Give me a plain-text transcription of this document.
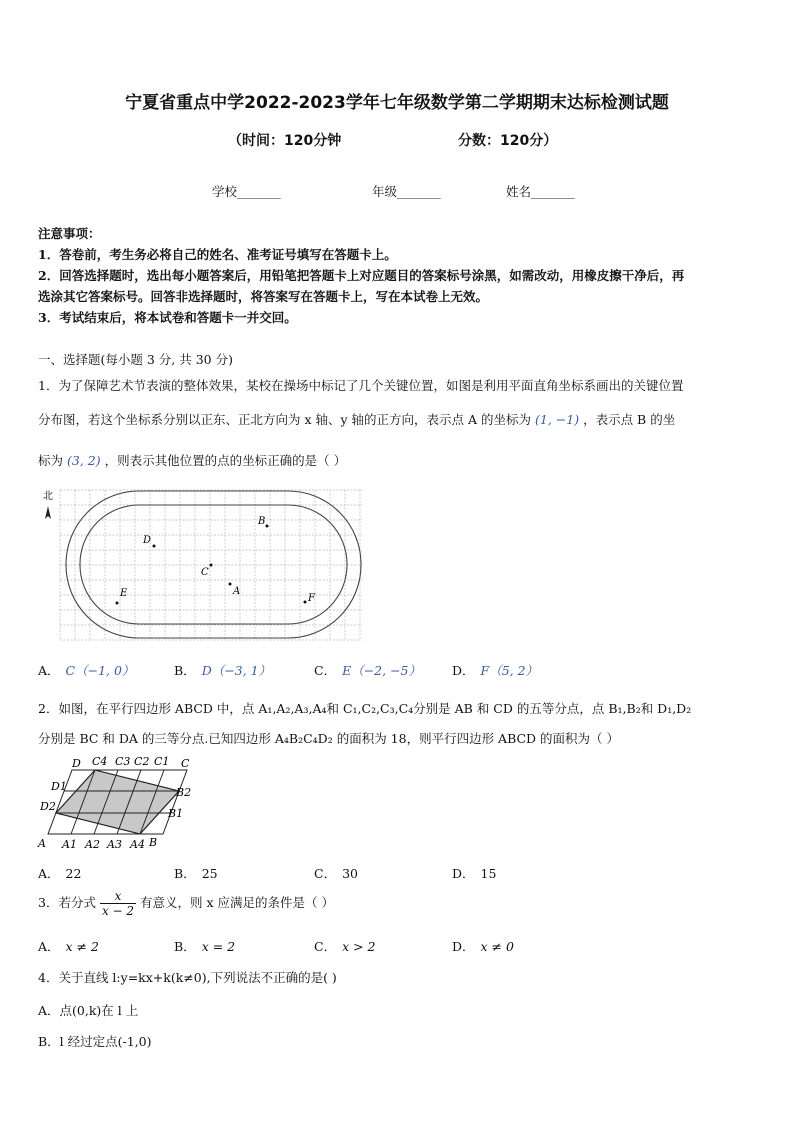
宁夏省重点中学2022-2023学年七年级数学第二学期期末达标检测试题
（时间：120分钟	分数：120分）
学校_______	年级_______	姓名_______
注意事项：
1．答卷前，考生务必将自己的姓名、准考证号填写在答题卡上。
2．回答选择题时，选出每小题答案后，用铅笔把答题卡上对应题目的答案标号涂黑，如需改动，用橡皮擦干净后，再
选涂其它答案标号。回答非选择题时，将答案写在答题卡上，写在本试卷上无效。
3．考试结束后，将本试卷和答题卡一并交回。
一、选择题(每小题 3 分, 共 30 分)
1．为了保障艺术节表演的整体效果，某校在操场中标记了几个关键位置，如图是利用平面直角坐标系画出的关键位置
分布图，若这个坐标系分别以正东、正北方向为 x 轴、y 轴的正方向，表示点 A 的坐标为 (1, −1) ，表示点 B 的坐
标为 (3, 2) ，则表示其他位置的点的坐标正确的是（ ）
北
B
D
C
A
E	F
A． C（−1, 0）	B． D（−3, 1）	C． E（−2, −5） D． F（5, 2）
2．如图，在平行四边形 ABCD 中，点 A₁,A₂,A₃,A₄和 C₁,C₂,C₃,C₄分别是 AB 和 CD 的五等分点，点 B₁,B₂和 D₁,D₂
分别是 BC 和 DA 的三等分点.已知四边形 A₄B₂C₄D₂ 的面积为 18，则平行四边形 ABCD 的面积为（ ）
D C4 C3 C2 C1 C
D1
D2
B2
B1
A A1 A2 A3 A4 B
A． 22	B． 25	C． 30	D． 15
3．若分式 $\frac{x}{x - 2}$ 有意义，则 x 应满足的条件是（ ）
A． x ≠ 2	B． x = 2	C． x > 2	D． x ≠ 0
4．关于直线 l:y=kx+k(k≠0),下列说法不正确的是( )
A．点(0,k)在 l 上
B．l 经过定点(-1,0)
